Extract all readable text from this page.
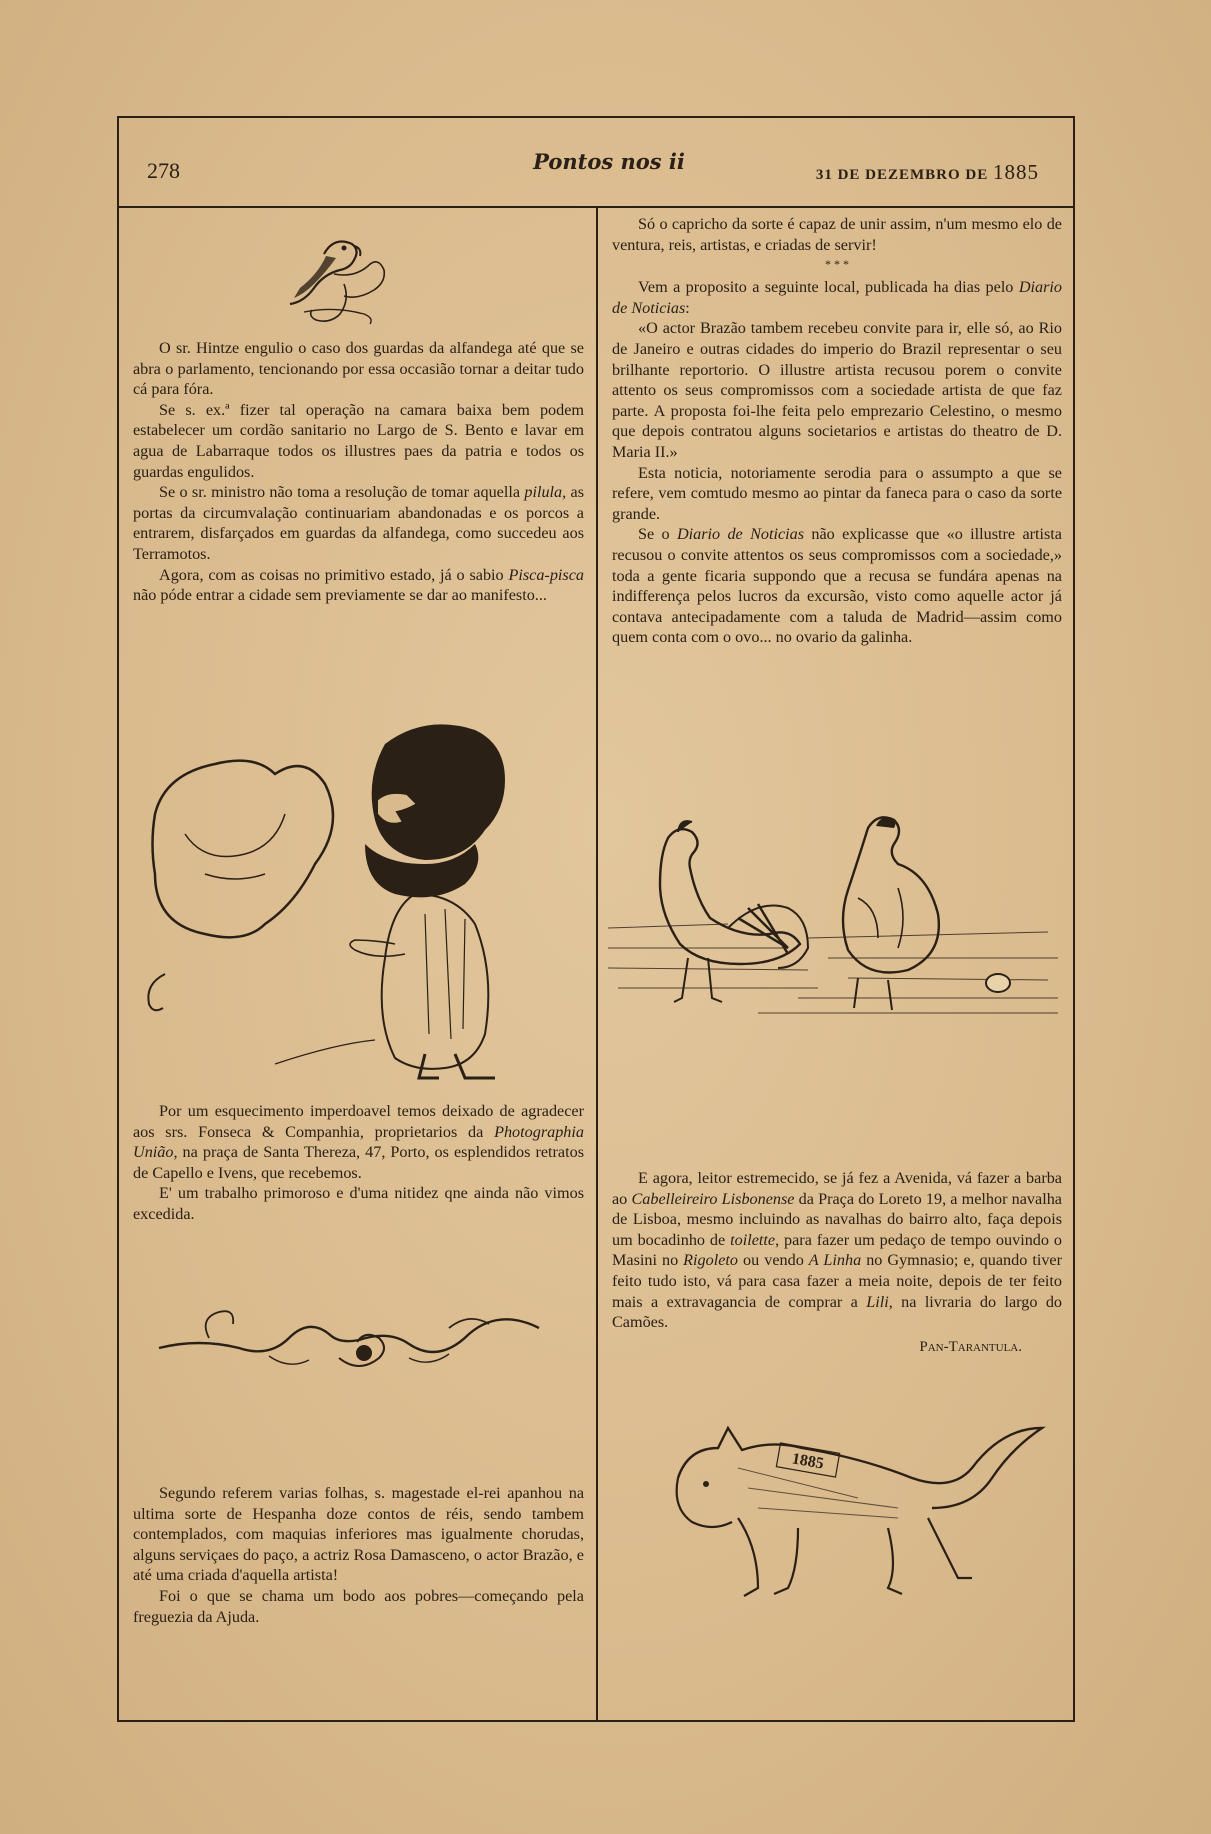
278	Pontos nos ii
31 DE DEZEMBRO DE 1885

O sr. Hintze engulio o caso dos guardas da alfandega até que se abra o parlamento, tencionando por essa occasião tornar a deitar tudo cá para fóra.

Se s. ex.ª fizer tal operação na camara baixa bem podem estabelecer um cordão sanitario no Largo de S. Bento e lavar em agua de Labarraque todos os illustres paes da patria e todos os guardas engulidos.

Se o sr. ministro não toma a resolução de tomar aquella pilula, as portas da circumvalação continuariam abandonadas e os porcos a entrarem, disfarçados em guardas da alfandega, como succedeu aos Terramotos.

Agora, com as coisas no primitivo estado, já o sabio Pisca-pisca não póde entrar a cidade sem previamente se dar ao manifesto...

Por um esquecimento imperdoavel temos deixado de agradecer aos srs. Fonseca & Companhia, proprietarios da Photographia União, na praça de Santa Thereza, 47, Porto, os esplendidos retratos de Capello e Ivens, que recebemos.

E' um trabalho primoroso e d'uma nitidez qne ainda não vimos excedida.

Segundo referem varias folhas, s. magestade el-rei apanhou na ultima sorte de Hespanha doze contos de réis, sendo tambem contemplados, com maquias inferiores mas igualmente chorudas, alguns serviçaes do paço, a actriz Rosa Damasceno, o actor Brazão, e até uma criada d'aquella artista!

Foi o que se chama um bodo aos pobres—começando pela freguezia da Ajuda.

Só o capricho da sorte é capaz de unir assim, n'um mesmo elo de ventura, reis, artistas, e criadas de servir!

* * *

Vem a proposito a seguinte local, publicada ha dias pelo Diario de Noticias:

«O actor Brazão tambem recebeu convite para ir, elle só, ao Rio de Janeiro e outras cidades do imperio do Brazil representar o seu brilhante reportorio. O illustre artista recusou porem o convite attento os seus compromissos com a sociedade artista de que faz parte. A proposta foi-lhe feita pelo emprezario Celestino, o mesmo que depois contratou alguns societarios e artistas do theatro de D. Maria II.»

Esta noticia, notoriamente serodia para o assumpto a que se refere, vem comtudo mesmo ao pintar da faneca para o caso da sorte grande.

Se o Diario de Noticias não explicasse que «o illustre artista recusou o convite attentos os seus compromissos com a sociedade,» toda a gente ficaria suppondo que a recusa se fundára apenas na indifferença pelos lucros da excursão, visto como aquelle actor já contava antecipadamente com a taluda de Madrid—assim como quem conta com o ovo... no ovario da galinha.

E agora, leitor estremecido, se já fez a Avenida, vá fazer a barba ao Cabelleireiro Lisbonense da Praça do Loreto 19, a melhor navalha de Lisboa, mesmo incluindo as navalhas do bairro alto, faça depois um bocadinho de toilette, para fazer um pedaço de tempo ouvindo o Masini no Rigoleto ou vendo A Linha no Gymnasio; e, quando tiver feito tudo isto, vá para casa fazer a meia noite, depois de ter feito mais a extravagancia de comprar a Lili, na livraria do largo do Camões.

Pan-Tarantula.
1885
